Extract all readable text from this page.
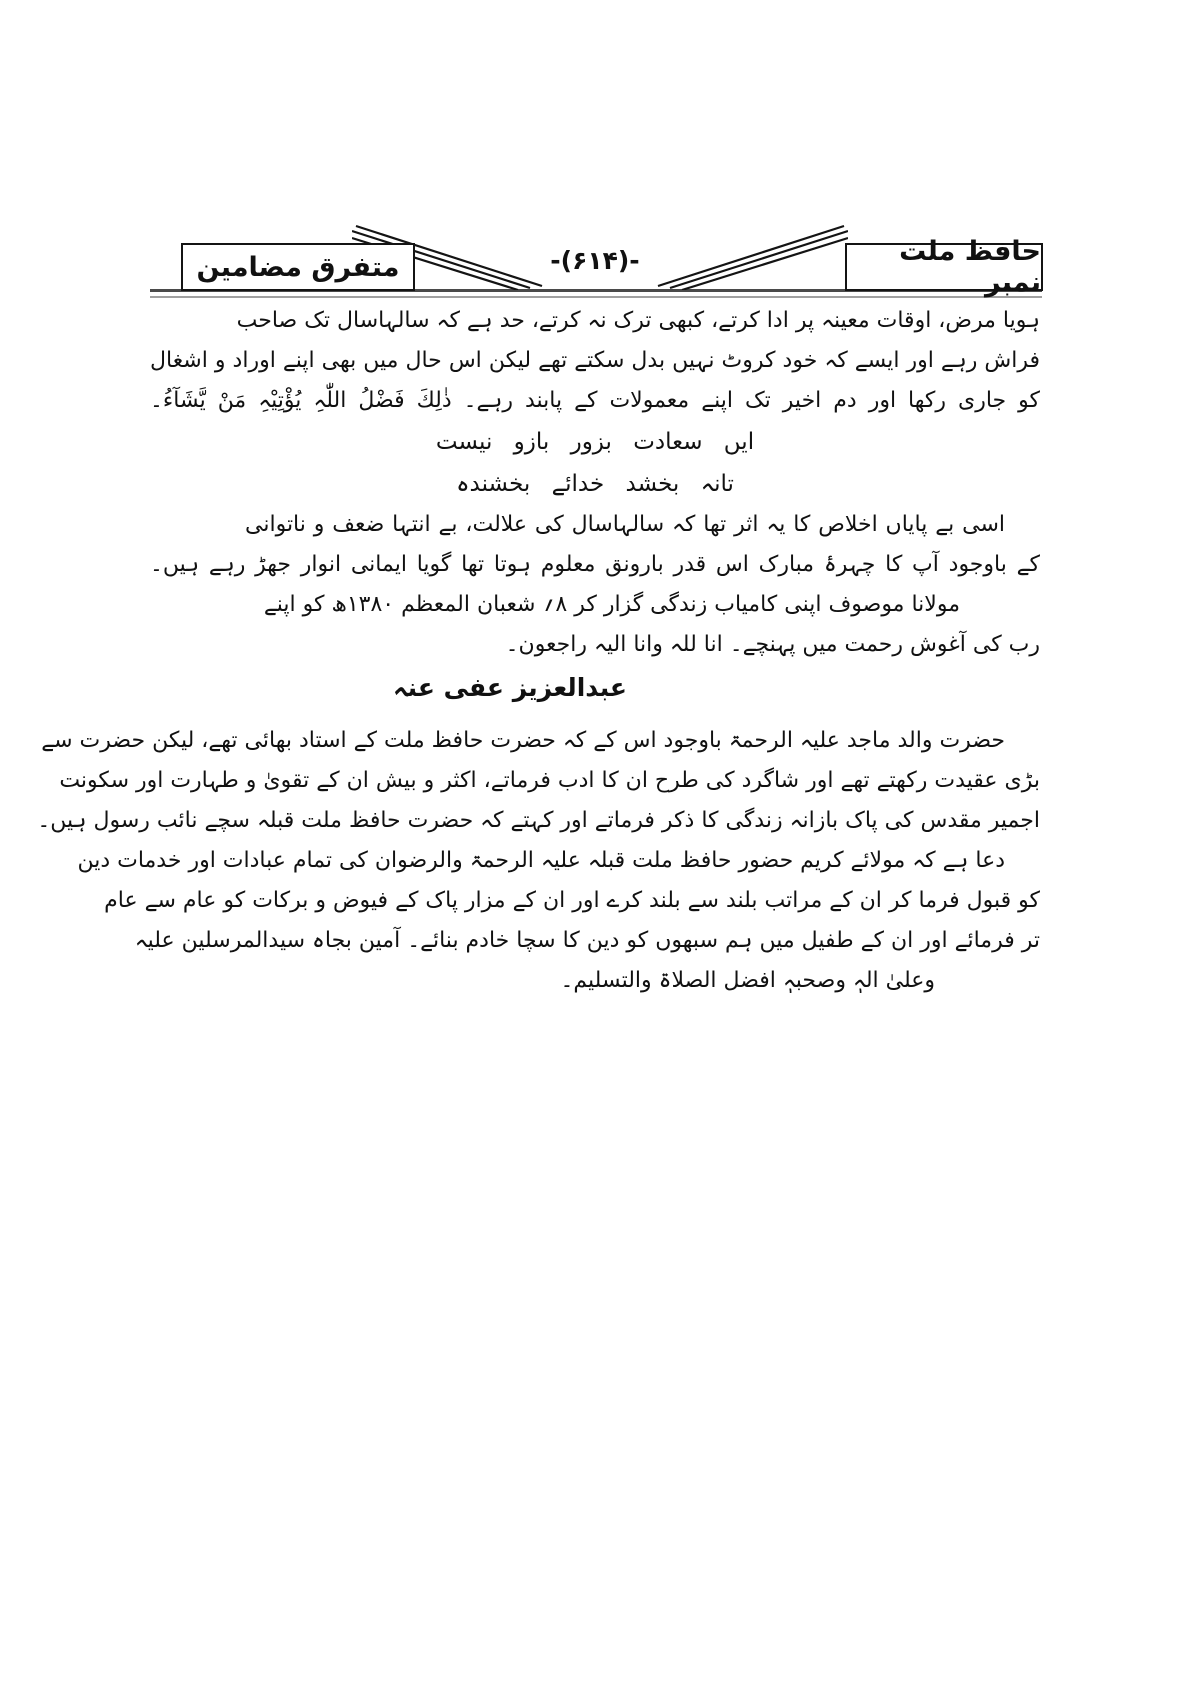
حافظ ملت نمبر
-(۶۱۴)-
متفرق مضامین
ہویا مرض، اوقات معینہ پر ادا کرتے، کبھی ترک نہ کرتے، حد ہے کہ سالہاسال تک صاحب
فراش رہے اور ایسے کہ خود کروٹ نہیں بدل سکتے تھے لیکن اس حال میں بھی اپنے اوراد و اشغال
کو جاری رکھا اور دم اخیر تک اپنے معمولات کے پابند رہے۔ ذٰلِكَ فَضْلُ اللّٰہِ یُؤْتِیْہِ مَنْ یَّشَآءُ۔
ایں سعادت بزور بازو نیست
تانہ بخشد خدائے بخشندہ
اسی بے پایاں اخلاص کا یہ اثر تھا کہ سالہاسال کی علالت، بے انتہا ضعف و ناتوانی
کے باوجود آپ کا چہرۂ مبارک اس قدر بارونق معلوم ہوتا تھا گویا ایمانی انوار جھڑ رہے ہیں۔
مولانا موصوف اپنی کامیاب زندگی گزار کر ۸؍ شعبان المعظم ۱۳۸۰ھ کو اپنے
رب کی آغوش رحمت میں پہنچے۔ انا للہ وانا الیہ راجعون۔
عبدالعزیز عفی عنہ
حضرت والد ماجد علیہ الرحمۃ باوجود اس کے کہ حضرت حافظ ملت کے استاد بھائی تھے، لیکن حضرت سے
بڑی عقیدت رکھتے تھے اور شاگرد کی طرح ان کا ادب فرماتے، اکثر و بیش ان کے تقویٰ و طہارت اور سکونت
اجمیر مقدس کی پاک بازانہ زندگی کا ذکر فرماتے اور کہتے کہ حضرت حافظ ملت قبلہ سچے نائب رسول ہیں۔
دعا ہے کہ مولائے کریم حضور حافظ ملت قبلہ علیہ الرحمۃ والرضوان کی تمام عبادات اور خدمات دین
کو قبول فرما کر ان کے مراتب بلند سے بلند کرے اور ان کے مزار پاک کے فیوض و برکات کو عام سے عام
تر فرمائے اور ان کے طفیل میں ہم سبھوں کو دین کا سچا خادم بنائے۔ آمین بجاہ سیدالمرسلین علیہ
وعلیٰ الہٖ وصحبہٖ افضل الصلاۃ والتسلیم۔
